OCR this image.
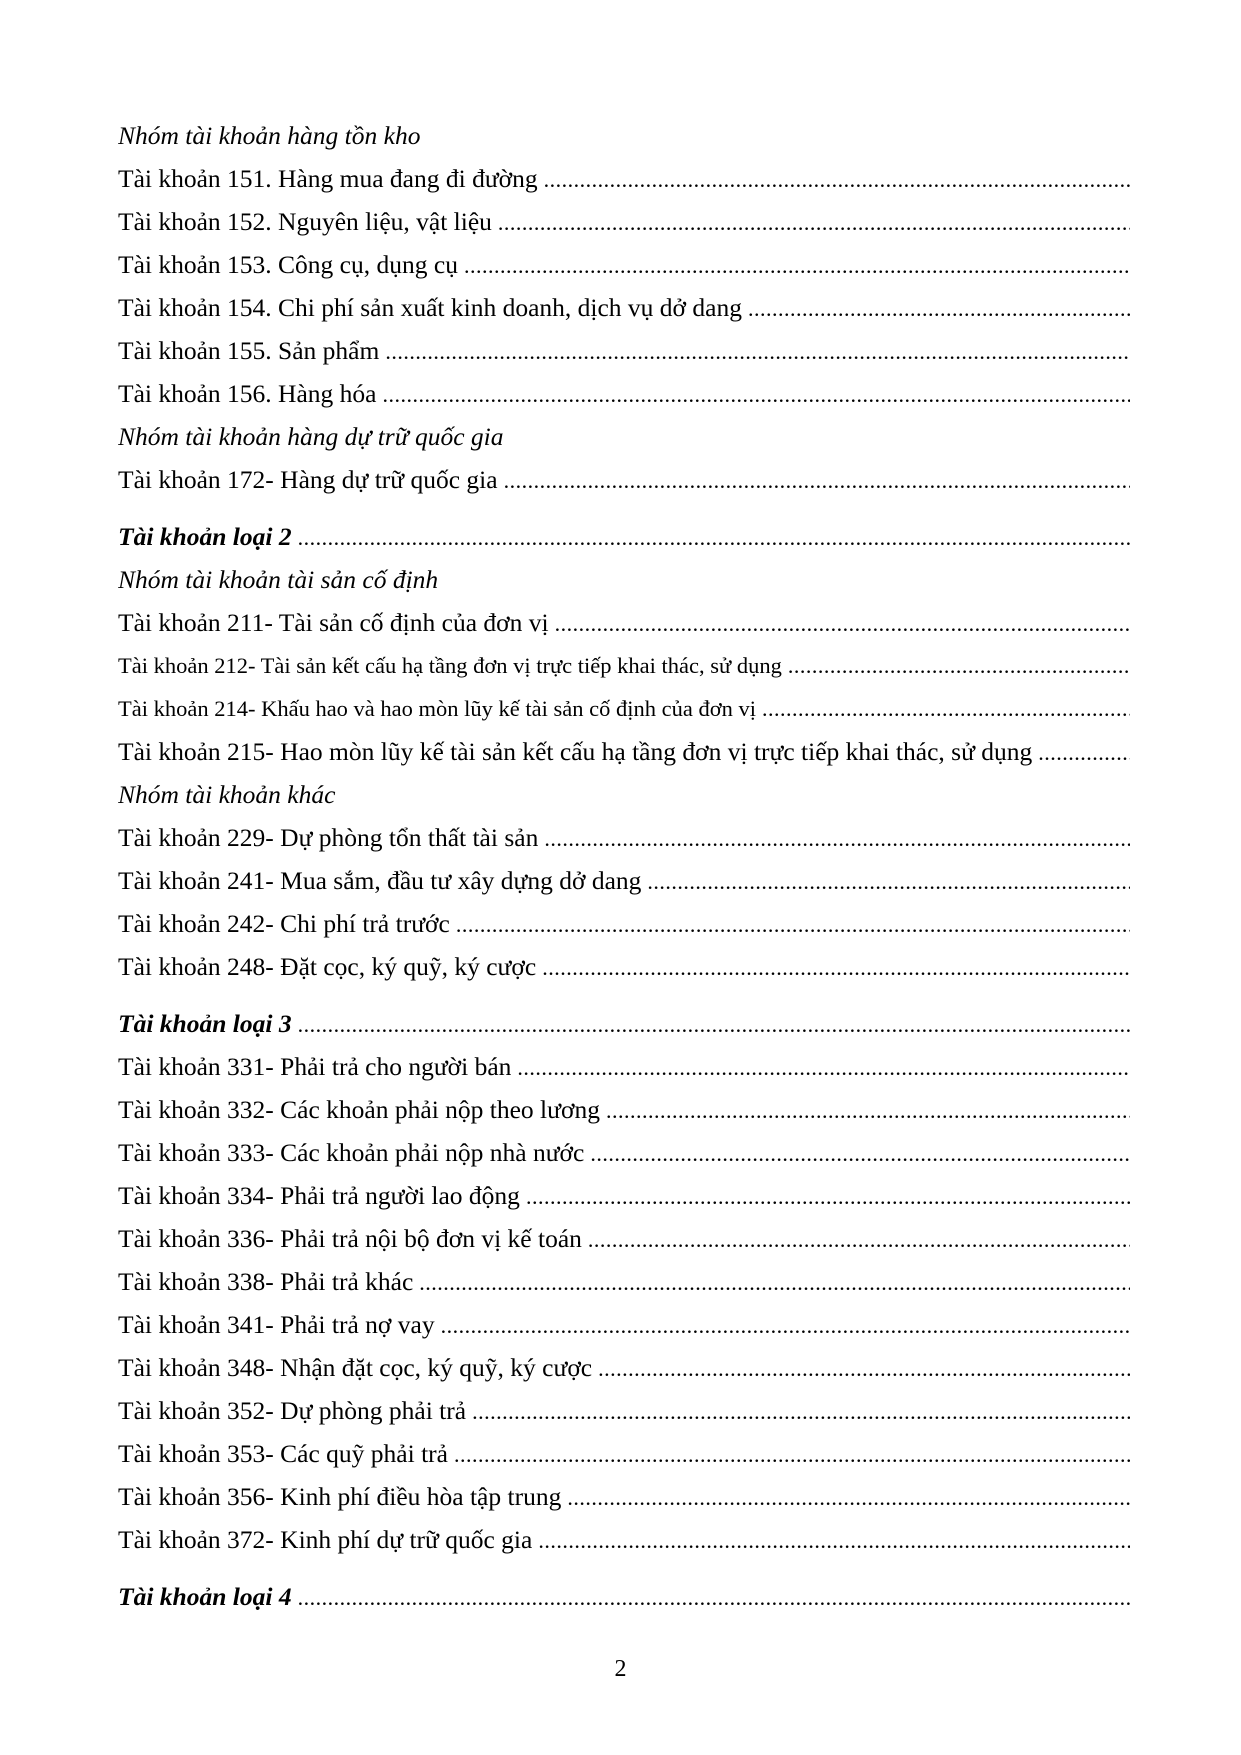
Nhóm tài khoản hàng tồn kho
Tài khoản 151. Hàng mua đang đi đường .....
Tài khoản 152. Nguyên liệu, vật liệu .....
Tài khoản 153. Công cụ, dụng cụ .....
Tài khoản 154. Chi phí sản xuất kinh doanh, dịch vụ dở dang .....
Tài khoản 155. Sản phẩm .....
Tài khoản 156. Hàng hóa .....
Nhóm tài khoản hàng dự trữ quốc gia
Tài khoản 172- Hàng dự trữ quốc gia .....
Tài khoản loại 2 .....
Nhóm tài khoản tài sản cố định
Tài khoản 211- Tài sản cố định của đơn vị .....
Tài khoản 212- Tài sản kết cấu hạ tầng đơn vị trực tiếp khai thác, sử dụng .....
Tài khoản 214- Khấu hao và hao mòn lũy kế tài sản cố định của đơn vị .....
Tài khoản 215- Hao mòn lũy kế tài sản kết cấu hạ tầng đơn vị trực tiếp khai thác, sử dụng .....
Nhóm tài khoản khác
Tài khoản 229- Dự phòng tổn thất tài sản .....
Tài khoản 241- Mua sắm, đầu tư xây dựng dở dang .....
Tài khoản 242- Chi phí trả trước .....
Tài khoản 248- Đặt cọc, ký quỹ, ký cược .....
Tài khoản loại 3 .....
Tài khoản 331- Phải trả cho người bán .....
Tài khoản 332- Các khoản phải nộp theo lương .....
Tài khoản 333- Các khoản phải nộp nhà nước .....
Tài khoản 334- Phải trả người lao động .....
Tài khoản 336- Phải trả nội bộ đơn vị kế toán .....
Tài khoản 338- Phải trả khác .....
Tài khoản 341- Phải trả nợ vay .....
Tài khoản 348- Nhận đặt cọc, ký quỹ, ký cược .....
Tài khoản 352- Dự phòng phải trả .....
Tài khoản 353- Các quỹ phải trả .....
Tài khoản 356- Kinh phí điều hòa tập trung .....
Tài khoản 372- Kinh phí dự trữ quốc gia .....
Tài khoản loại 4 .....
2
